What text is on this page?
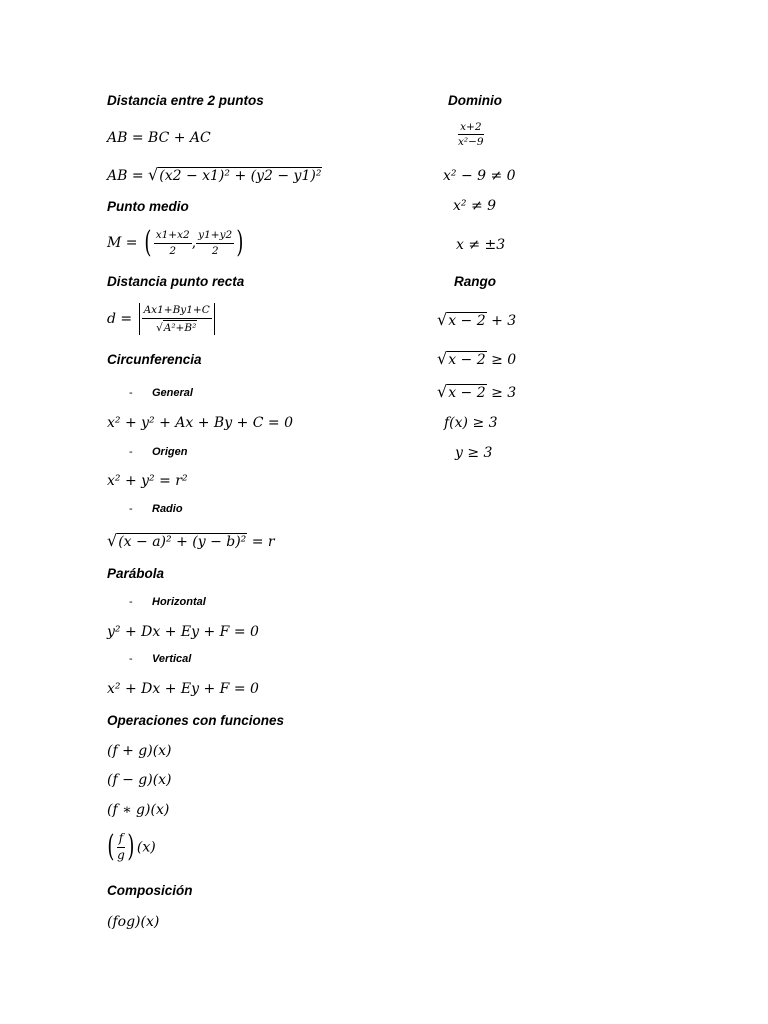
Distancia entre 2 puntos
AB = BC + AC
AB = √(x2 − x1)² + (y2 − y1)²
Punto medio
M = ( $\frac{x1+x2}{2}$ , $\frac{y1+y2}{2}$ )
Distancia punto recta
$d = \frac{Ax1+By1+C}{\text{√A²+B²}}$
Circunferencia
- General
x² + y² + Ax + By + C = 0
- Origen
x² + y² = r²
- Radio
√(x − a)² + (y − b)² = r
Parábola
- Horizontal
y² + Dx + Ey + F = 0
- Vertical
x² + Dx + Ey + F = 0
Operaciones con funciones
(f + g)(x)
(f − g)(x)
(f ∗ g)(x)
( $\frac{f}{g}$ ) (x)
Composición
(fog)(x)
Dominio
$\frac{x+2}{\text{x²−9}}$
x² − 9 ≠ 0
x² ≠ 9
x ≠ ±3
Rango
√x − 2 + 3
√x − 2 ≥ 0
√x − 2 ≥ 3
f(x) ≥ 3
y ≥ 3
